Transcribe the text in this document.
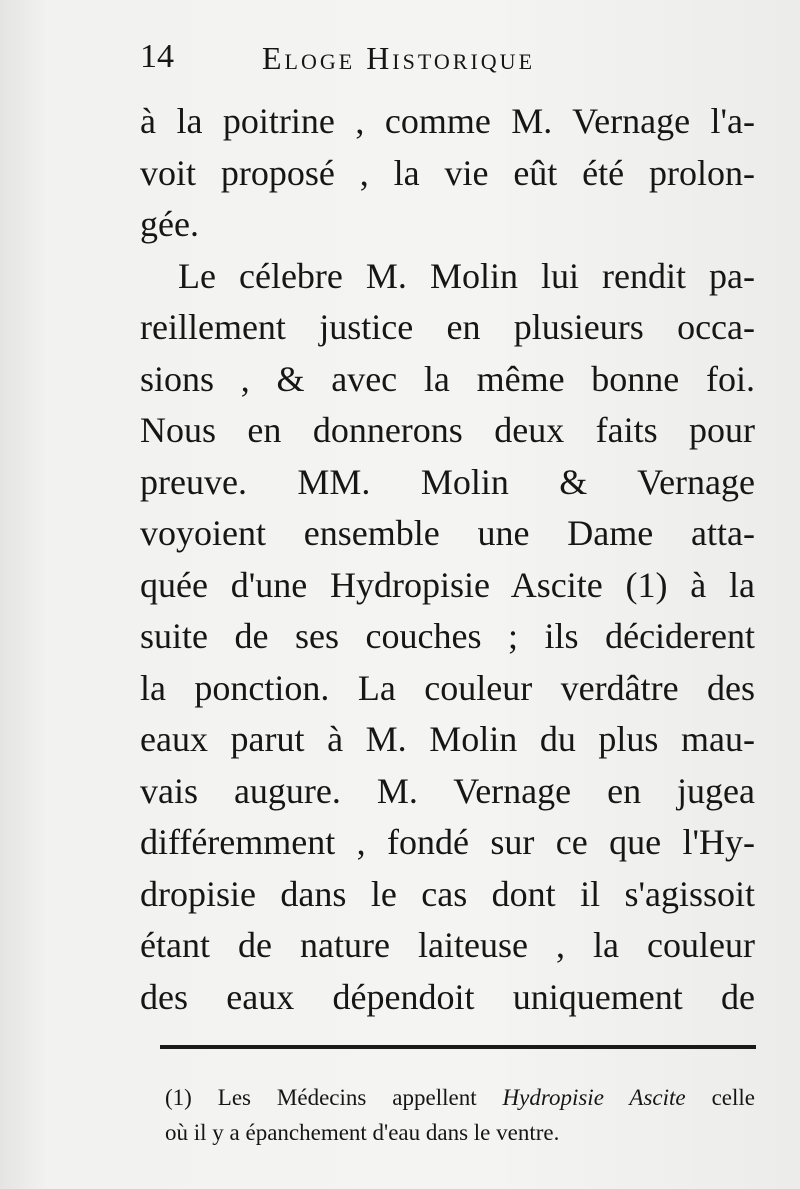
14	Eloge Historique
à la poitrine , comme M. Vernage l'a-
voit proposé , la vie eût été prolon-
gée.
Le célebre M. Molin lui rendit pa-
reillement justice en plusieurs occa-
sions , & avec la même bonne foi.
Nous en donnerons deux faits pour
preuve. MM. Molin & Vernage
voyoient ensemble une Dame atta-
quée d'une Hydropisie Ascite (1) à la
suite de ses couches ; ils déciderent
la ponction. La couleur verdâtre des
eaux parut à M. Molin du plus mau-
vais augure. M. Vernage en jugea
différemment , fondé sur ce que l'Hy-
dropisie dans le cas dont il s'agissoit
étant de nature laiteuse , la couleur
des eaux dépendoit uniquement de
(1) Les Médecins appellent Hydropisie Ascite celle
où il y a épanchement d'eau dans le ventre.
